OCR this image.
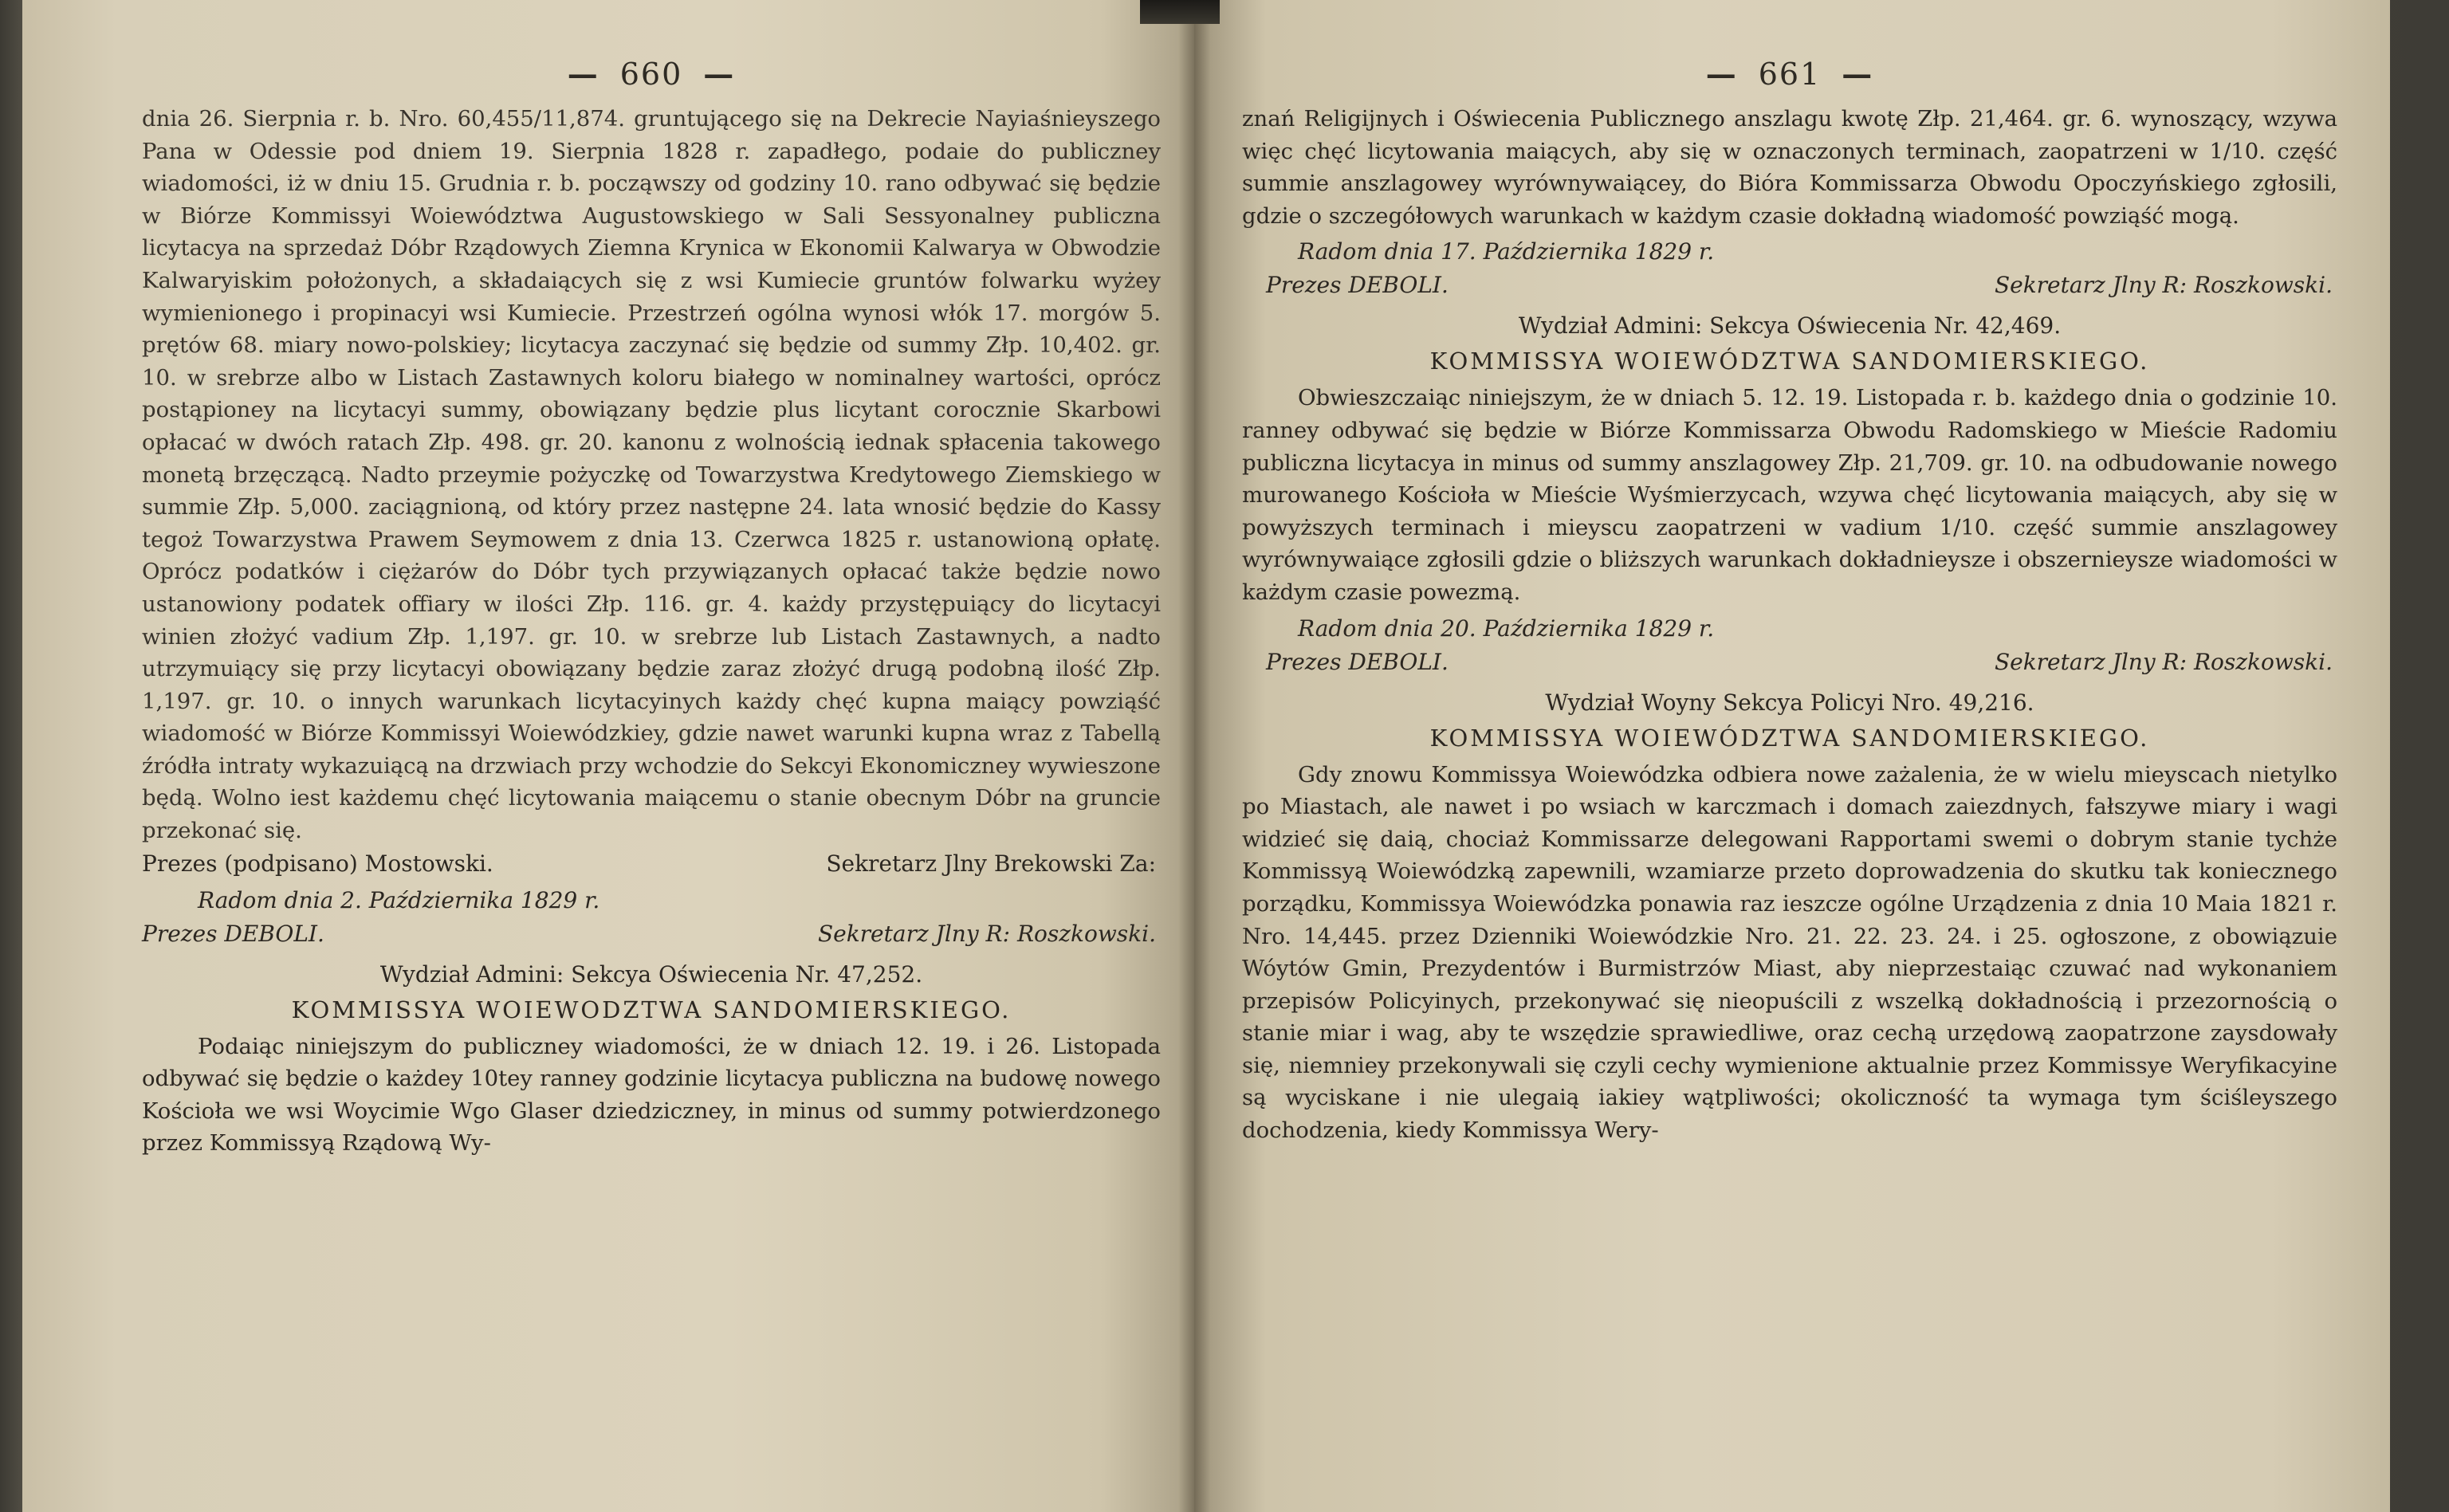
— 660 —

dnia 26. Sierpnia r. b. Nro. 60,455/11,874. gruntującego się na Dekrecie Nayiaśnieyszego Pana w Odessie pod dniem 19. Sierpnia 1828 r. zapadłego, podaie do publiczney wiadomości, iż w dniu 15. Grudnia r. b. począwszy od godziny 10. rano odbywać się będzie w Biórze Kommissyi Woiewództwa Augustowskiego w Sali Sessyonalney publiczna licytacya na sprzedaż Dóbr Rządowych Ziemna Krynica w Ekonomii Kalwarya w Obwodzie Kalwaryiskim położonych, a składaiących się z wsi Kumiecie gruntów folwarku wyżey wymienionego i propinacyi wsi Kumiecie. Przestrzeń ogólna wynosi włók 17. morgów 5. prętów 68. miary nowo-polskiey; licytacya zaczynać się będzie od summy Złp. 10,402. gr. 10. w srebrze albo w Listach Zastawnych koloru białego w nominalney wartości, oprócz postąpioney na licytacyi summy, obowiązany będzie plus licytant corocznie Skarbowi opłacać w dwóch ratach Złp. 498. gr. 20. kanonu z wolnością iednak spłacenia takowego monetą brzęczącą. Nadto przeymie pożyczkę od Towarzystwa Kredytowego Ziemskiego w summie Złp. 5,000. zaciągnioną, od który przez następne 24. lata wnosić będzie do Kassy tegoż Towarzystwa Prawem Seymowem z dnia 13. Czerwca 1825 r. ustanowioną opłatę. Oprócz podatków i ciężarów do Dóbr tych przywiązanych opłacać także będzie nowo ustanowiony podatek offiary w ilości Złp. 116. gr. 4. każdy przystępuiący do licytacyi winien złożyć vadium Złp. 1,197. gr. 10. w srebrze lub Listach Zastawnych, a nadto utrzymuiący się przy licytacyi obowiązany będzie zaraz złożyć drugą podobną ilość Złp. 1,197. gr. 10. o innych warunkach licytacyinych każdy chęć kupna maiący powziąść wiadomość w Biórze Kommissyi Woiewódzkiey, gdzie nawet warunki kupna wraz z Tabellą źródła intraty wykazuiącą na drzwiach przy wchodzie do Sekcyi Ekonomiczney wywieszone będą. Wolno iest każdemu chęć licytowania maiącemu o stanie obecnym Dóbr na gruncie przekonać się.

Prezes (podpisano) Mostowski.	Sekretarz Jlny Brekowski Za:
Radom dnia 2. Października 1829 r.
Prezes DEBOLI.	Sekretarz Jlny R: Roszkowski.
Wydział Admini: Sekcya Oświecenia Nr. 47,252.
KOMMISSYA WOIEWODZTWA SANDOMIERSKIEGO.

Podaiąc niniejszym do publiczney wiadomości, że w dniach 12. 19. i 26. Listopada odbywać się będzie o każdey 10tey ranney godzinie licytacya publiczna na budowę nowego Kościoła we wsi Woycimie Wgo Glaser dziedziczney, in minus od summy potwierdzonego przez Kommissyą Rządową Wy-

— 661 —

znań Religijnych i Oświecenia Publicznego anszlagu kwotę Złp. 21,464. gr. 6. wynoszący, wzywa więc chęć licytowania maiących, aby się w oznaczonych terminach, zaopatrzeni w 1/10. część summie anszlagowey wyrównywaiącey, do Bióra Kommissarza Obwodu Opoczyńskiego zgłosili, gdzie o szczegółowych warunkach w każdym czasie dokładną wiadomość powziąść mogą.

Radom dnia 17. Października 1829 r.
Prezes DEBOLI.	Sekretarz Jlny R: Roszkowski.
Wydział Admini: Sekcya Oświecenia Nr. 42,469.
KOMMISSYA WOIEWÓDZTWA SANDOMIERSKIEGO.

Obwieszczaiąc niniejszym, że w dniach 5. 12. 19. Listopada r. b. każdego dnia o godzinie 10. ranney odbywać się będzie w Biórze Kommissarza Obwodu Radomskiego w Mieście Radomiu publiczna licytacya in minus od summy anszlagowey Złp. 21,709. gr. 10. na odbudowanie nowego murowanego Kościoła w Mieście Wyśmierzycach, wzywa chęć licytowania maiących, aby się w powyższych terminach i mieyscu zaopatrzeni w vadium 1/10. część summie anszlagowey wyrównywaiące zgłosili gdzie o bliższych warunkach dokładnieysze i obszernieysze wiadomości w każdym czasie powezmą.

Radom dnia 20. Października 1829 r.
Prezes DEBOLI.	Sekretarz Jlny R: Roszkowski.
Wydział Woyny Sekcya Policyi Nro. 49,216.
KOMMISSYA WOIEWÓDZTWA SANDOMIERSKIEGO.

Gdy znowu Kommissya Woiewódzka odbiera nowe zażalenia, że w wielu mieyscach nietylko po Miastach, ale nawet i po wsiach w karczmach i domach zaiezdnych, fałszywe miary i wagi widzieć się daią, chociaż Kommissarze delegowani Rapportami swemi o dobrym stanie tychże Kommissyą Woiewódzką zapewnili, wzamiarze przeto doprowadzenia do skutku tak koniecznego porządku, Kommissya Woiewódzka ponawia raz ieszcze ogólne Urządzenia z dnia 10 Maia 1821 r. Nro. 14,445. przez Dzienniki Woiewódzkie Nro. 21. 22. 23. 24. i 25. ogłoszone, z obowiązuie Wóytów Gmin, Prezydentów i Burmistrzów Miast, aby nieprzestaiąc czuwać nad wykonaniem przepisów Policyinych, przekonywać się nieopuścili z wszelką dokładnością i przezornością o stanie miar i wag, aby te wszędzie sprawiedliwe, oraz cechą urzędową zaopatrzone zaysdowały się, niemniey przekonywali się czyli cechy wymienione aktualnie przez Kommissye Weryfikacyine są wyciskane i nie ulegaią iakiey wątpliwości; okoliczność ta wymaga tym ściśleyszego dochodzenia, kiedy Kommissya Wery-
